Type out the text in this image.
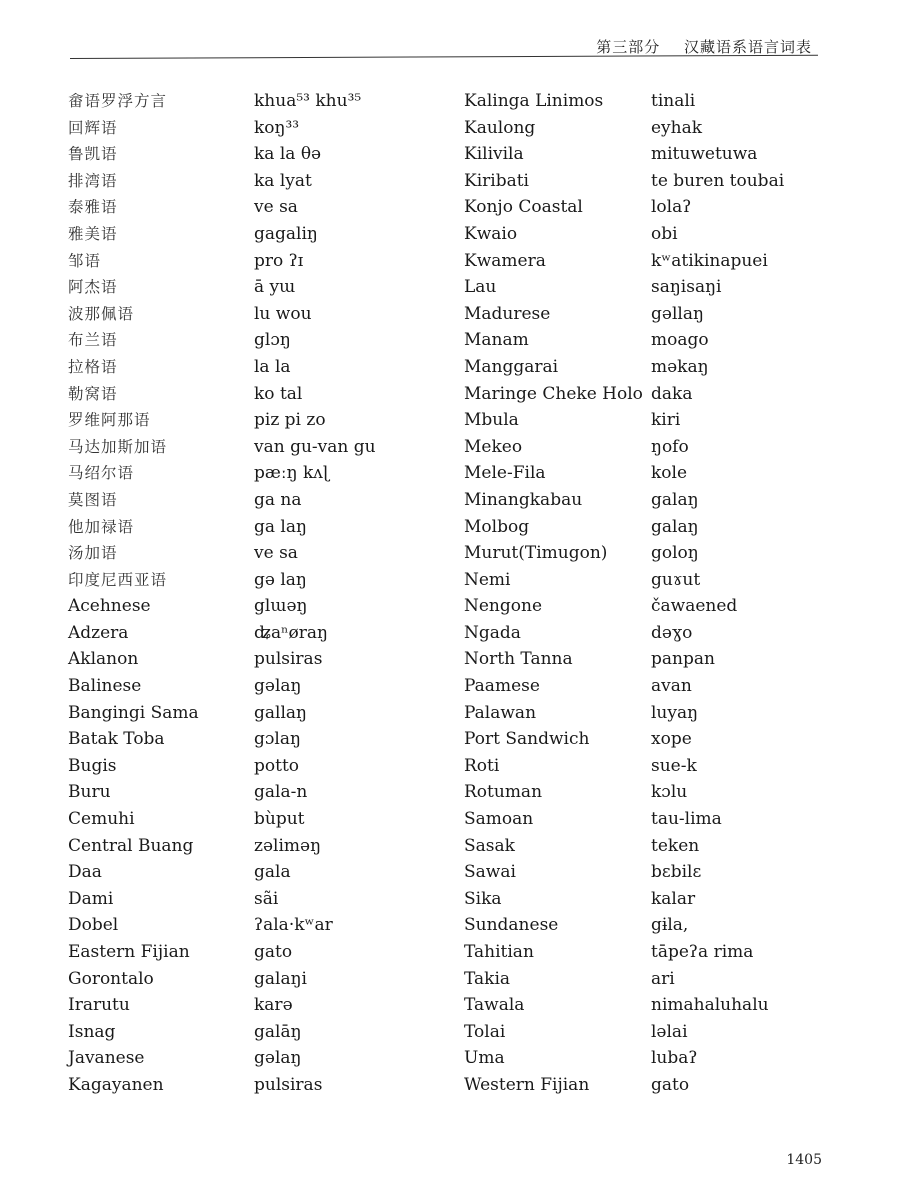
第三部分 汉藏语系语言词表
畲语罗浮方言
回辉语
鲁凯语
排湾语
泰雅语
雅美语
邹语
阿杰语
波那佩语
布兰语
拉格语
勒窝语
罗维阿那语
马达加斯加语
马绍尔语
莫图语
他加禄语
汤加语
印度尼西亚语
Acehnese
Adzera
Aklanon
Balinese
Bangingi Sama
Batak Toba
Bugis
Buru
Cemuhi
Central Buang
Daa
Dami
Dobel
Eastern Fijian
Gorontalo
Irarutu
Isnag
Javanese
Kagayanen
khua⁵³ khu³⁵
koŋ³³
ka la θə
ka lyat
ve sa
gagaliŋ
pro ʔɪ
ā yɯ
lu wou
glɔŋ
la la
ko tal
piz pi zo
van gu-van gu
pæːŋ kʌɭ
ga na
ga laŋ
ve sa
gə laŋ
glɯəŋ
ʥaⁿøraŋ
pulsiras
gəlaŋ
gallaŋ
gɔlaŋ
potto
gala-n
bùput
zəliməŋ
gala
sãi
ʔala·kʷar
gato
galaŋi
karə
galāŋ
gəlaŋ
pulsiras
Kalinga Linimos
Kaulong
Kilivila
Kiribati
Konjo Coastal
Kwaio
Kwamera
Lau
Madurese
Manam
Manggarai
Maringe Cheke Holo
Mbula
Mekeo
Mele-Fila
Minangkabau
Molbog
Murut(Timugon)
Nemi
Nengone
Ngada
North Tanna
Paamese
Palawan
Port Sandwich
Roti
Rotuman
Samoan
Sasak
Sawai
Sika
Sundanese
Tahitian
Takia
Tawala
Tolai
Uma
Western Fijian
tinali
eyhak
mituwetuwa
te buren toubai
lolaʔ
obi
kʷatikinapuei
saŋisaŋi
gəllaŋ
moago
məkaŋ
daka
kiri
ŋofo
kole
galaŋ
galaŋ
goloŋ
guɤut
čawaened
dəɣo
panpan
avan
luyaŋ
xope
sue-k
kɔlu
tau-lima
teken
bɛbilɛ
kalar
gɨla,
tāpeʔa rima
ari
nimahaluhalu
ləlai
lubaʔ
gato
1405
